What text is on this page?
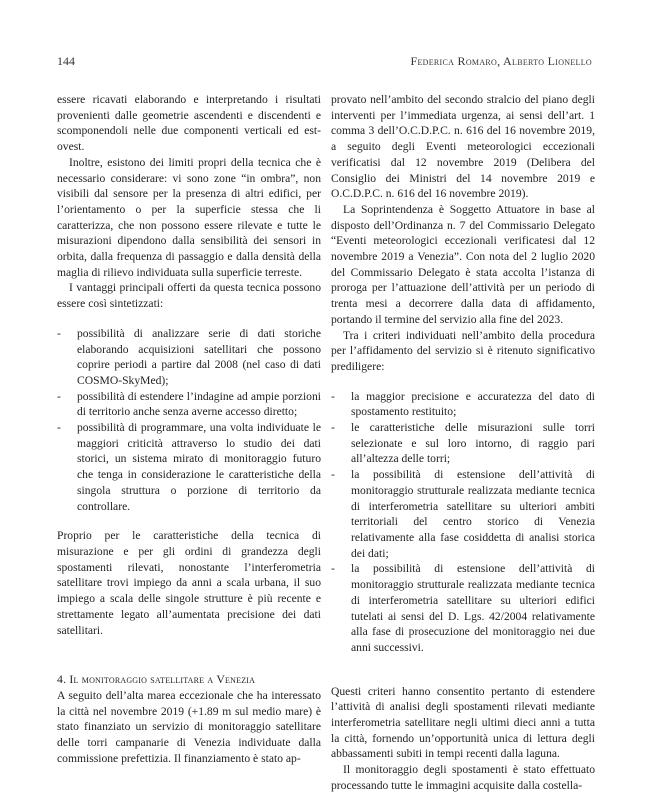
144	Federica Romaro, Alberto Lionello

essere ricavati elaborando e interpretando i risultati provenienti dalle geometrie ascendenti e discendenti e scomponendoli nelle due componenti verticali ed est-ovest.

Inoltre, esistono dei limiti propri della tecnica che è necessario considerare: vi sono zone “in ombra”, non visibili dal sensore per la presenza di altri edifici, per l’orientamento o per la superficie stessa che li caratterizza, che non possono essere rilevate e tutte le misurazioni dipendono dalla sensibilità dei sensori in orbita, dalla frequenza di passaggio e dalla densità della maglia di rilievo individuata sulla superficie terreste.

I vantaggi principali offerti da questa tecnica possono essere così sintetizzati:

- possibilità di analizzare serie di dati storiche elaborando acquisizioni satellitari che possono coprire periodi a partire dal 2008 (nel caso di dati COSMO-SkyMed);
- possibilità di estendere l’indagine ad ampie porzioni di territorio anche senza averne accesso diretto;
- possibilità di programmare, una volta individuate le maggiori criticità attraverso lo studio dei dati storici, un sistema mirato di monitoraggio futuro che tenga in considerazione le caratteristiche della singola struttura o porzione di territorio da controllare.

Proprio per le caratteristiche della tecnica di misurazione e per gli ordini di grandezza degli spostamenti rilevati, nonostante l’interferometria satellitare trovi impiego da anni a scala urbana, il suo impiego a scala delle singole strutture è più recente e strettamente legato all’aumentata precisione dei dati satellitari.

4. Il monitoraggio satellitare a Venezia

A seguito dell’alta marea eccezionale che ha interessato la città nel novembre 2019 (+1.89 m sul medio mare) è stato finanziato un servizio di monitoraggio satellitare delle torri campanarie di Venezia individuate dalla commissione prefettizia. Il finanziamento è stato ap-

provato nell’ambito del secondo stralcio del piano degli interventi per l’immediata urgenza, ai sensi dell’art. 1 comma 3 dell’O.C.D.P.C. n. 616 del 16 novembre 2019, a seguito degli Eventi meteorologici eccezionali verificatisi dal 12 novembre 2019 (Delibera del Consiglio dei Ministri del 14 novembre 2019 e O.C.D.P.C. n. 616 del 16 novembre 2019).

La Soprintendenza è Soggetto Attuatore in base al disposto dell’Ordinanza n. 7 del Commissario Delegato “Eventi meteorologici eccezionali verificatesi dal 12 novembre 2019 a Venezia”. Con nota del 2 luglio 2020 del Commissario Delegato è stata accolta l’istanza di proroga per l’attuazione dell’attività per un periodo di trenta mesi a decorrere dalla data di affidamento, portando il termine del servizio alla fine del 2023.

Tra i criteri individuati nell’ambito della procedura per l’affidamento del servizio si è ritenuto significativo prediligere:

- la maggior precisione e accuratezza del dato di spostamento restituito;
- le caratteristiche delle misurazioni sulle torri selezionate e sul loro intorno, di raggio pari all’altezza delle torri;
- la possibilità di estensione dell’attività di monitoraggio strutturale realizzata mediante tecnica di interferometria satellitare su ulteriori ambiti territoriali del centro storico di Venezia relativamente alla fase cosiddetta di analisi storica dei dati;
- la possibilità di estensione dell’attività di monitoraggio strutturale realizzata mediante tecnica di interferometria satellitare su ulteriori edifici tutelati ai sensi del D. Lgs. 42/2004 relativamente alla fase di prosecuzione del monitoraggio nei due anni successivi.

Questi criteri hanno consentito pertanto di estendere l’attività di analisi degli spostamenti rilevati mediante interferometria satellitare negli ultimi dieci anni a tutta la città, fornendo un’opportunità unica di lettura degli abbassamenti subiti in tempi recenti dalla laguna.

Il monitoraggio degli spostamenti è stato effettuato processando tutte le immagini acquisite dalla costella-
